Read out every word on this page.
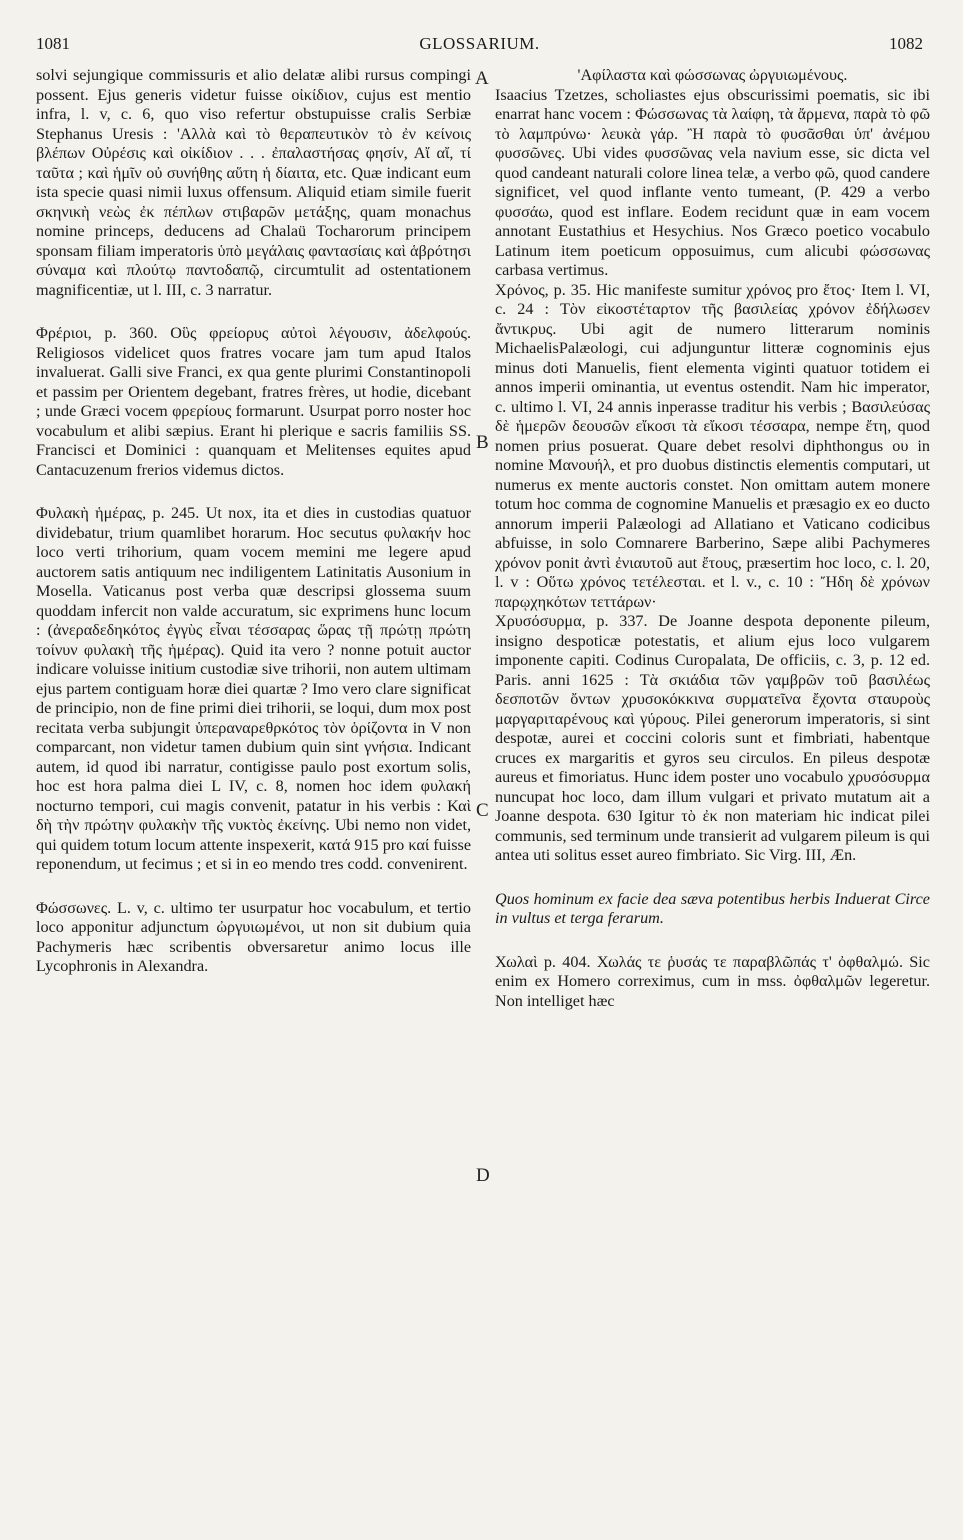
1081	GLOSSARIUM.	1082

solvi sejungique commissuris et alio delatæ alibi rursus compingi possent. Ejus generis videtur fuisse οἰκίδιον, cujus est mentio infra, l. v, c. 6, quo viso refertur obstupuisse cralis Serbiæ Stephanus Uresis : 'Αλλὰ καὶ τὸ θεραπευτικὸν τὸ ἐν κείνοις βλέπων Οὐρέσις καὶ οἰκίδιον . . . ἐπαλαστήσας φησίν, Αἴ αἴ, τί ταῦτα ; καὶ ἡμῖν οὐ συνήθης αὕτη ἡ δίαιτα, etc. Quæ indicant eum ista specie quasi nimii luxus offensum. Aliquid etiam simile fuerit σκηνικὴ νεὼς ἐκ πέπλων στιβαρῶν μετάξης, quam monachus nomine princeps, deducens ad Chalaü Tocharorum principem sponsam filiam imperatoris ὑπὸ μεγάλαις φαντασίαις καὶ ἁβρότησι σύναμα καὶ πλούτῳ παντοδαπῷ, circumtulit ad ostentationem magnificentiæ, ut l. III, c. 3 narratur.

Φρέριοι, p. 360. Οὓς φρείορυς αὐτοὶ λέγουσιν, ἀδελφούς. Religiosos videlicet quos fratres vocare jam tum apud Italos invaluerat. Galli sive Franci, ex qua gente plurimi Constantinopoli et passim per Orientem degebant, fratres frères, ut hodie, dicebant ; unde Græci vocem φρερίους formarunt. Usurpat porro noster hoc vocabulum et alibi sæpius. Erant hi plerique e sacris familiis SS. Francisci et Dominici : quanquam et Melitenses equites apud Cantacuzenum frerios videmus dictos.

Φυλακὴ ἡμέρας, p. 245. Ut nox, ita et dies in custodias quatuor dividebatur, trium quamlibet horarum. Hoc secutus φυλακήν hoc loco verti trihorium, quam vocem memini me legere apud auctorem satis antiquum nec indiligentem Latinitatis Ausonium in Mosella. Vaticanus post verba quæ descripsi glossema suum quoddam infercit non valde accuratum, sic exprimens hunc locum : (ἀνεραδεδηκότος ἐγγὺς εἶναι τέσσαρας ὥρας τῇ πρώτῃ πρώτη τοίνυν φυλακὴ τῆς ἡμέρας). Quid ita vero ? nonne potuit auctor indicare voluisse initium custodiæ sive trihorii, non autem ultimam ejus partem contiguam horæ diei quartæ ? Imo vero clare significat de principio, non de fine primi diei trihorii, se loqui, dum mox post recitata verba subjungit ὑπεραναρεθρκότος τὸν ὁρίζοντα in V non comparcant, non videtur tamen dubium quin sint γνήσια. Indicant autem, id quod ibi narratur, contigisse paulo post exortum solis, hoc est hora palma diei L IV, c. 8, nomen hoc idem φυλακή nocturno tempori, cui magis convenit, patatur in his verbis : Καὶ δὴ τὴν πρώτην φυλακὴν τῆς νυκτὸς ἐκείνης. Ubi nemo non videt, qui quidem totum locum attente inspexerit, κατά 915 pro καί fuisse reponendum, ut fecimus ; et si in eo mendo tres codd. convenirent.

Φώσσωνες. L. v, c. ultimo ter usurpatur hoc vocabulum, et tertio loco apponitur adjunctum ὠργυιωμένοι, ut non sit dubium quia Pachymeris hæc scribentis obversaretur animo locus ille Lycophronis in Alexandra.

'Αφίλαστα καὶ φώσσωνας ὠργυιωμένους.

Isaacius Tzetzes, scholiastes ejus obscurissimi poematis, sic ibi enarrat hanc vocem : Φώσσωνας τὰ λαίφη, τὰ ἄρμενα, παρὰ τὸ φῶ τὸ λαμπρύνω· λευκὰ γάρ. Ἢ παρὰ τὸ φυσᾶσθαι ὑπ' ἀνέμου φυσσῶνες. Ubi vides φυσσῶνας vela navium esse, sic dicta vel quod candeant naturali colore linea telæ, a verbo φῶ, quod candere significet, vel quod inflante vento tumeant, (P. 429 a verbo φυσσάω, quod est inflare. Eodem recidunt quæ in eam vocem annotant Eustathius et Hesychius. Nos Græco poetico vocabulo Latinum item poeticum opposuimus, cum alicubi φώσσωνας carbasa vertimus.

Χρόνος, p. 35. Hic manifeste sumitur χρόνος pro ἔτος· Item l. VI, c. 24 : Τὸν εἰκοστέταρτον τῆς βασιλείας χρόνον ἐδήλωσεν ἄντικρυς. Ubi agit de numero litterarum nominis MichaelisPalæologi, cui adjunguntur litteræ cognominis ejus minus doti Manuelis, fient elementa viginti quatuor totidem ei annos imperii ominantia, ut eventus ostendit. Nam hic imperator, c. ultimo l. VI, 24 annis inperasse traditur his verbis ; Βασιλεύσας δὲ ἡμερῶν δεουσῶν εἴκοσι τὰ εἴκοσι τέσσαρα, nempe ἔτη, quod nomen prius posuerat. Quare debet resolvi diphthongus ου in nomine Μανουήλ, et pro duobus distinctis elementis computari, ut numerus ex mente auctoris constet. Non omittam autem monere totum hoc comma de cognomine Manuelis et præsagio ex eo ducto annorum imperii Palæologi ad Allatiano et Vaticano codicibus abfuisse, in solo Comnarere Barberino, Sæpe alibi Pachymeres χρόνον ponit ἀντὶ ἐνιαυτοῦ aut ἔτους, præsertim hoc loco, c. l. 20, l. v : Οὕτω χρόνος τετέλεσται. et l. v., c. 10 : Ἤδη δὲ χρόνων παρῳχηκότων τεττάρων·

Χρυσόσυρμα, p. 337. De Joanne despota deponente pileum, insigno despoticæ potestatis, et alium ejus loco vulgarem imponente capiti. Codinus Curopalata, De officiis, c. 3, p. 12 ed. Paris. anni 1625 : Τὰ σκιάδια τῶν γαμβρῶν τοῦ βασιλέως δεσποτῶν ὄντων χρυσοκόκκινα συρματεῖνα ἔχοντα σταυροὺς μαργαριταρένους καὶ γύρους. Pilei generorum imperatoris, si sint despotæ, aurei et coccini coloris sunt et fimbriati, habentque cruces ex margaritis et gyros seu circulos. En pileus despotæ aureus et fimoriatus. Hunc idem poster uno vocabulo χρυσόσυρμα nuncupat hoc loco, dam illum vulgari et privato mutatum ait a Joanne despota. 630 Igitur τὸ ἐκ non materiam hic indicat pilei communis, sed terminum unde transierit ad vulgarem pileum is qui antea uti solitus esset aureo fimbriato. Sic Virg. III, Æn.

Quos hominum ex facie dea sæva potentibus herbis Induerat Circe in vultus et terga ferarum.

Χωλαὶ p. 404. Χωλάς τε ῥυσάς τε παραβλῶπάς τ' ὀφθαλμώ. Sic enim ex Homero correximus, cum in mss. ὀφθαλμῶν legeretur. Non intelliget hæc

A
B
C
D
